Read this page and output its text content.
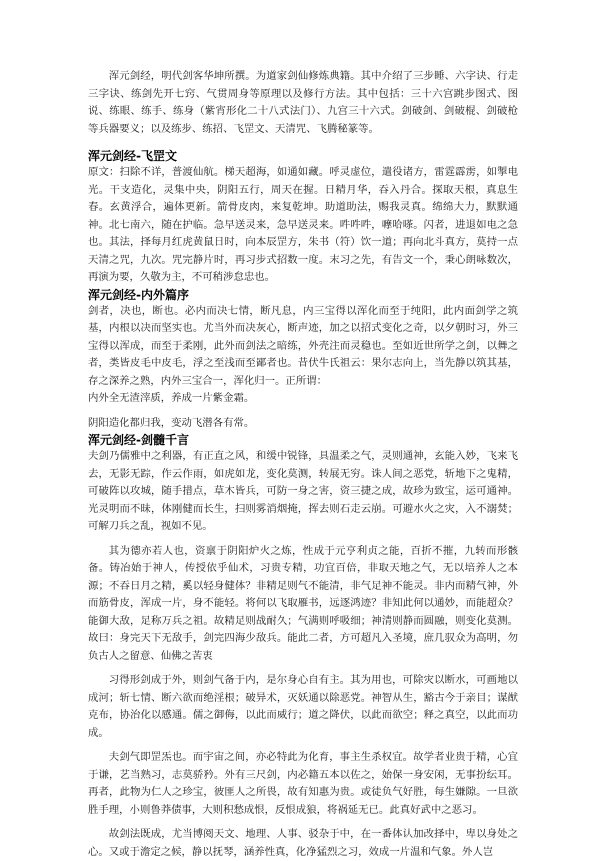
浑元剑经，明代剑客华坤所撰。为道家剑仙修炼典籍。其中介绍了三步睡、六字诀、行走三字诀、练剑先开七窍、气贯周身等原理以及修行方法。其中包括：三十六宫跳步图式、图说、练眼、练手、练身（紫宵形化二十八式法门）、九宫三十六式。剑破剑、剑破棍、剑破枪等兵器要义；以及练步、练招、飞罡文、天清咒、飞腾秘篆等。

浑元剑经-飞罡文

原文：扫除不详，普渡仙航。梯天超海，如通如藏。呼灵虚位，遣役诸方，雷霆霹雳，如掣电光。干支造化，灵集中央，阴阳五行，周天在握。日精月华，吞入丹合。探取天根，真息生春。玄黄浮合，遍体更新。箭骨皮肉，来复乾坤。助道助法，赐我灵真。绵绵大力，默默通神。北七南六，随在护临。急早送灵来，急早送灵来。吽吽吽，嚤哈嗏。闪者，进退如电之急也。其法，择每月红虎黄鼠日时，向本辰罡方，朱书（符）饮一道；再向北斗真方，莫持一点天清之咒，九次。咒完静片时，再习步式招数一度。末习之先，有告文一个，秉心朗咏数次，再演为要，久敬为主，不可稍涉怠忠也。

浑元剑经-内外篇序

剑者，决也，断也。必内而决七情，断凡息，内三宝得以浑化而至于纯阳，此内面剑学之筑基，内根以决而坚实也。尤当外而决灰心，断声迹，加之以招式变化之奇，以夕朝时习，外三宝得以浑成，而至于柔刚，此外而剑法之暗练，外壳注而灵稳也。至如近世所学之剑，以舞之者，类皆皮毛中皮毛，浮之至浅而至鄙者也。昔伏牛氏祖云：果尔志向上，当先静以筑其基，存之深养之熟，内外三宝合一，浑化归一。正所谓：

内外全无渣滓质，养成一片紫金霜。

阴阳造化都归我，变动飞潜各有常。

浑元剑经-剑髓千言

夫剑乃儒雅中之利器，有正直之风，和缓中锐锋，具温柔之气，灵则通神，玄能入妙，飞来飞去，无影无踪，作云作雨，如虎如龙，变化莫测，转展无穷。诛人间之恶党，斩地下之鬼精，可破阵以攻城，随手措点，草木皆兵，可防一身之害，资三捷之成，故珍为致宝，运可通神。光灵明而不昧，体刚健而长生，扫则雾消烟掩，挥去则石走云崩。可避水火之灾，入不溺焚；可解刀兵之乱，视如不见。

其为德亦若人也，资禀于阴阳炉火之炼，性成于元亨利贞之能，百折不摧，九转而形骸备。铸冶始于神人，传授依乎仙术，习贵专精，功宜百倍，非取天地之气，无以培养人之本源；不吞日月之精，奚以轻身健体？非精足则气不能清，非气足神不能灵。非内而精气神，外而筋骨皮，浑成一片，身不能轻。将何以飞取雁书，远逐鸿迹？非知此何以通妙，而能超众？能御大敌，足称万兵之祖。故精足则战耐久；气满则呼吸细；神清则静而圆融，则变化莫测。故曰：身完天下无敌手，剑完四海少敌兵。能此二者，方可超凡入圣境，庶几驭众为高明，勿负古人之留意、仙佛之苦衷

习得形剑成于外，则剑气备于内，是尔身心自有主。其为用也，可除灾以断水，可画地以成河；斩七情、断六欲而绝淫根；破异术，灭妖通以除恶党。神智从生，豁古今于亲目；谋猷克布，协治化以感通。儒之御侮，以此而威行；道之降伏，以此而欲空；释之真空，以此而功成。

夫剑气即罡炁也。而宇宙之间，亦必特此为化育，事主生杀权宜。故学者业贵于精，心宜于谦，艺当熟习，志莫骄矜。外有三尺剑，内必籍五本以佐之，始保一身安闲，无事扮纭耳。再者，此物为仁人之珍宝，彼匪人之所畏，故有知惠为贵。或徒负气好胜，每生嫌隙。一旦欲胜手理，小则鲁莽债事，大则积愁成恨，反恨成狼，将祸延无已。此真好武中之恶习。

故剑法既成，尤当博阅天文、地理、人事、驳杂于中，在一番体认加改择中，卑以身处之心。又或于澹定之候，静以抚琴，涵养性真，化净猛烈之习，效成一片温和气象。外人岂
